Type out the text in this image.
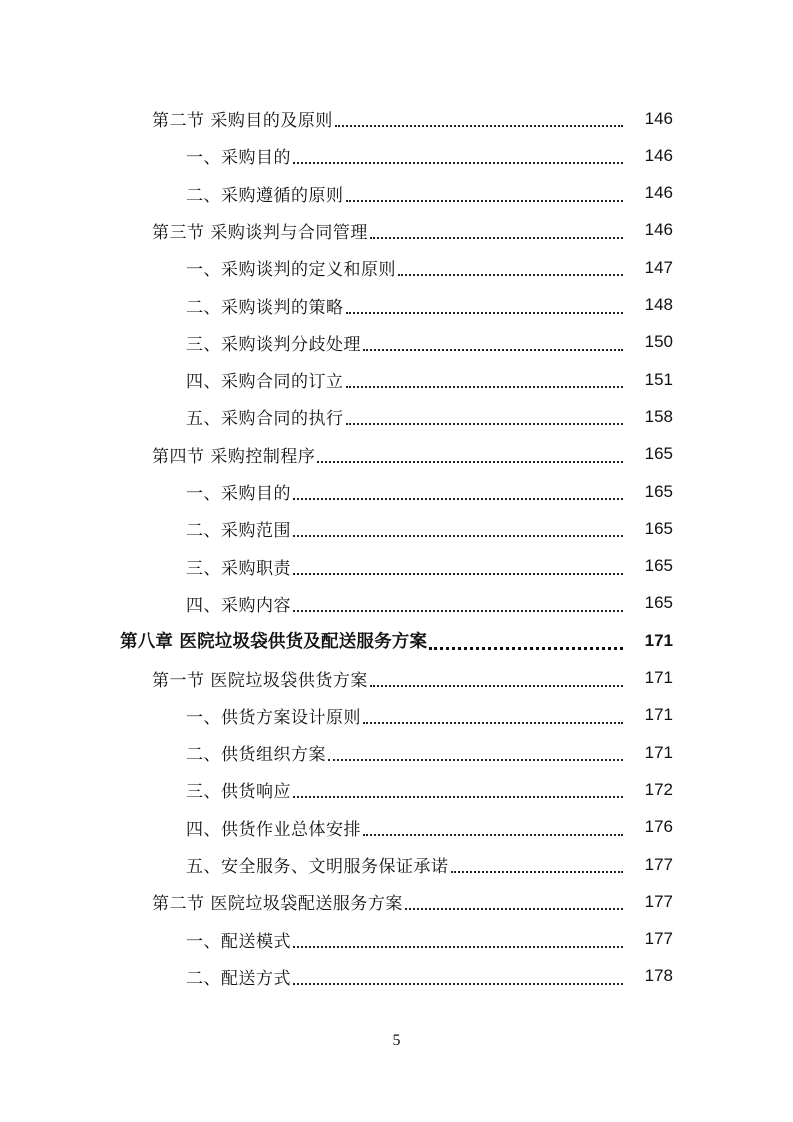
第二节 采购目的及原则	146
一、采购目的	146
二、采购遵循的原则	146
第三节 采购谈判与合同管理	146
一、采购谈判的定义和原则	147
二、采购谈判的策略	148
三、采购谈判分歧处理	150
四、采购合同的订立	151
五、采购合同的执行	158
第四节 采购控制程序	165
一、采购目的	165
二、采购范围	165
三、采购职责	165
四、采购内容	165
第八章 医院垃圾袋供货及配送服务方案	171
第一节 医院垃圾袋供货方案	171
一、供货方案设计原则	171
二、供货组织方案	171
三、供货响应	172
四、供货作业总体安排	176
五、安全服务、文明服务保证承诺	177
第二节 医院垃圾袋配送服务方案	177
一、配送模式	177
二、配送方式	178
5
